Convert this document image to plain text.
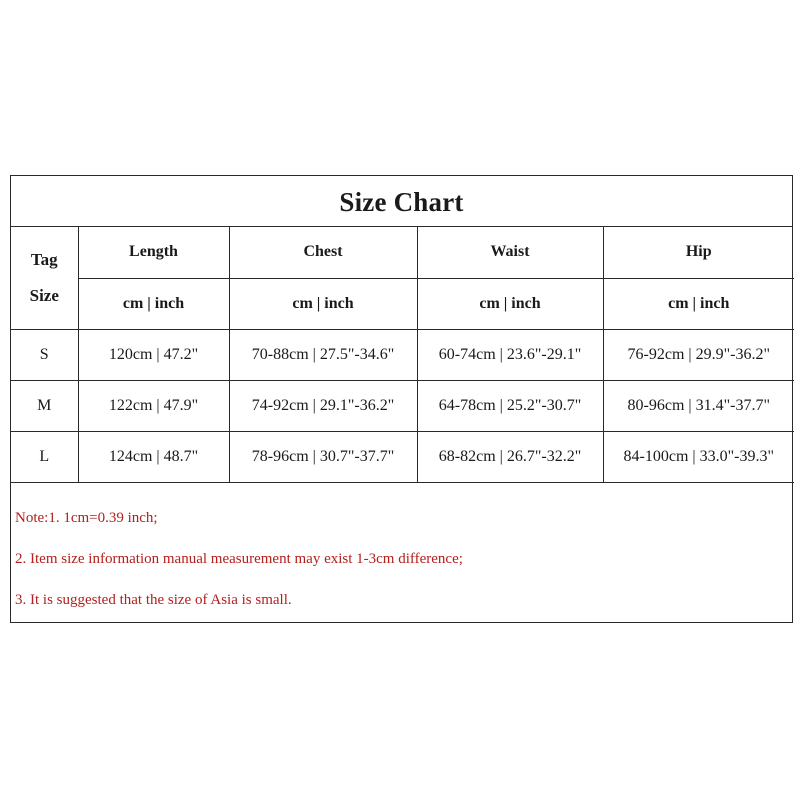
Size Chart
Tag
Size	Length	Chest	Waist	Hip
	cm | inch	cm | inch	cm | inch	cm | inch
S	120cm | 47.2"	70-88cm | 27.5"-34.6"	60-74cm | 23.6"-29.1"	76-92cm | 29.9"-36.2"
M	122cm | 47.9"	74-92cm | 29.1"-36.2"	64-78cm | 25.2"-30.7"	80-96cm | 31.4"-37.7"
L	124cm | 48.7"	78-96cm | 30.7"-37.7"	68-82cm | 26.7"-32.2"	84-100cm | 33.0"-39.3"
Note:1. 1cm=0.39 inch;
2. Item size information manual measurement may exist 1-3cm difference;
3. It is suggested that the size of Asia is small.
